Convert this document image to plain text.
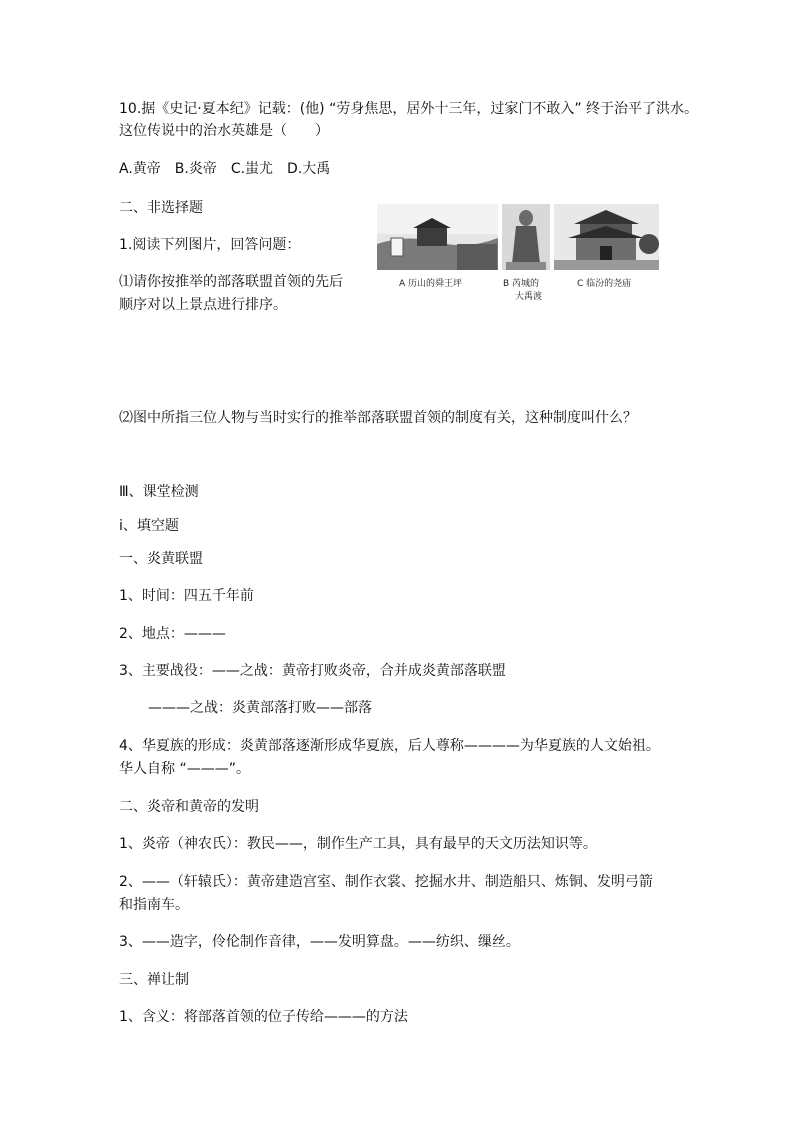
10.据《史记·夏本纪》记载：(他) “劳身焦思，居外十三年，过家门不敢入” 终于治平了洪水。
这位传说中的治水英雄是（　　）
A.黄帝　B.炎帝　C.蚩尤　D.大禹
二、非选择题
1.阅读下列图片，回答问题：
⑴请你按推举的部落联盟首领的先后
顺序对以上景点进行排序。
A 历山的舜王坪	B 芮城的
大禹渡
C 临汾的尧庙
⑵图中所指三位人物与当时实行的推举部落联盟首领的制度有关，这种制度叫什么？
Ⅲ、课堂检测
ⅰ、填空题
一、炎黄联盟
1、时间：四五千年前
2、地点：———
3、主要战役：——之战：黄帝打败炎帝，合并成炎黄部落联盟
———之战：炎黄部落打败——部落
4、华夏族的形成：炎黄部落逐渐形成华夏族，后人尊称————为华夏族的人文始祖。
华人自称 “———”。
二、炎帝和黄帝的发明
1、炎帝（神农氏）：教民——，制作生产工具，具有最早的天文历法知识等。
2、——（轩辕氏）：黄帝建造宫室、制作衣裳、挖掘水井、制造船只、炼铜、发明弓箭
和指南车。
3、——造字，伶伦制作音律，——发明算盘。——纺织、缫丝。
三、禅让制
1、含义：将部落首领的位子传给———的方法
